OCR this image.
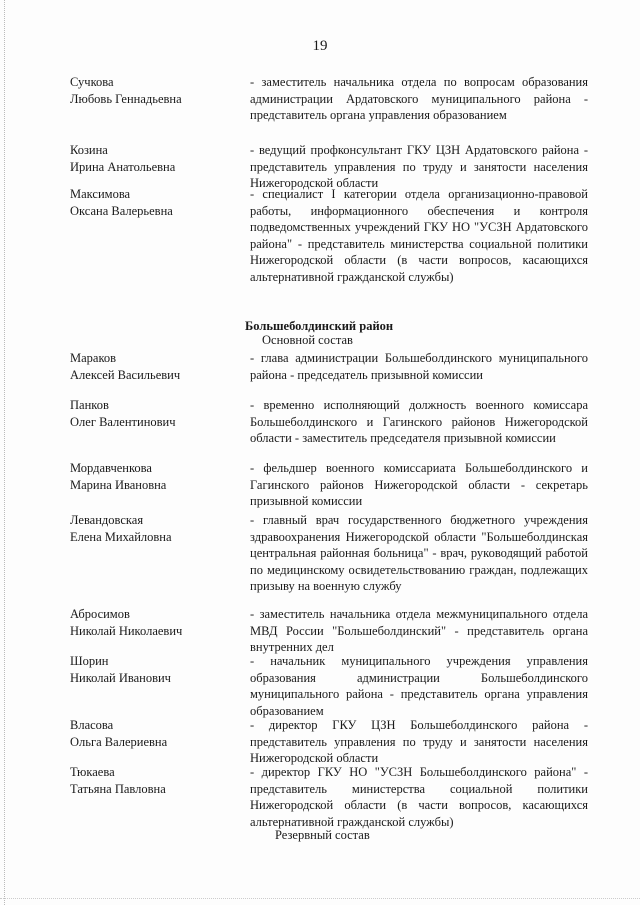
19
Сучкова
Любовь Геннадьевна
- заместитель начальника отдела по вопросам образования администрации Ардатовского муниципального района - представитель органа управления образованием
Козина
Ирина Анатольевна
- ведущий профконсультант ГКУ ЦЗН Ардатовского района - представитель управления по труду и занятости населения Нижегородской области
Максимова
Оксана Валерьевна
- специалист I категории отдела организационно-правовой работы, информационного обеспечения и контроля подведомственных учреждений ГКУ НО "УСЗН Ардатовского района" - представитель министерства социальной политики Нижегородской области (в части вопросов, касающихся альтернативной гражданской службы)
Большеболдинский район
Основной состав
Мараков
Алексей Васильевич
- глава администрации Большеболдинского муниципального района - председатель призывной комиссии
Панков
Олег Валентинович
- временно исполняющий должность военного комиссара Большеболдинского и Гагинского районов Нижегородской области - заместитель председателя призывной комиссии
Мордавченкова
Марина Ивановна
- фельдшер военного комиссариата Большеболдинского и Гагинского районов Нижегородской области - секретарь призывной комиссии
Левандовская
Елена Михайловна
- главный врач государственного бюджетного учреждения здравоохранения Нижегородской области "Большеболдинская центральная районная больница" - врач, руководящий работой по медицинскому освидетельствованию граждан, подлежащих призыву на военную службу
Абросимов
Николай Николаевич
- заместитель начальника отдела межмуниципального отдела МВД России "Большеболдинский" - представитель органа внутренних дел
Шорин
Николай Иванович
- начальник муниципального учреждения управления образования администрации Большеболдинского муниципального района - представитель органа управления образованием
Власова
Ольга Валериевна
- директор ГКУ ЦЗН Большеболдинского района - представитель управления по труду и занятости населения Нижегородской области
Тюкаева
Татьяна Павловна
- директор ГКУ НО "УСЗН Большеболдинского района" - представитель министерства социальной политики Нижегородской области (в части вопросов, касающихся альтернативной гражданской службы)
Резервный состав
